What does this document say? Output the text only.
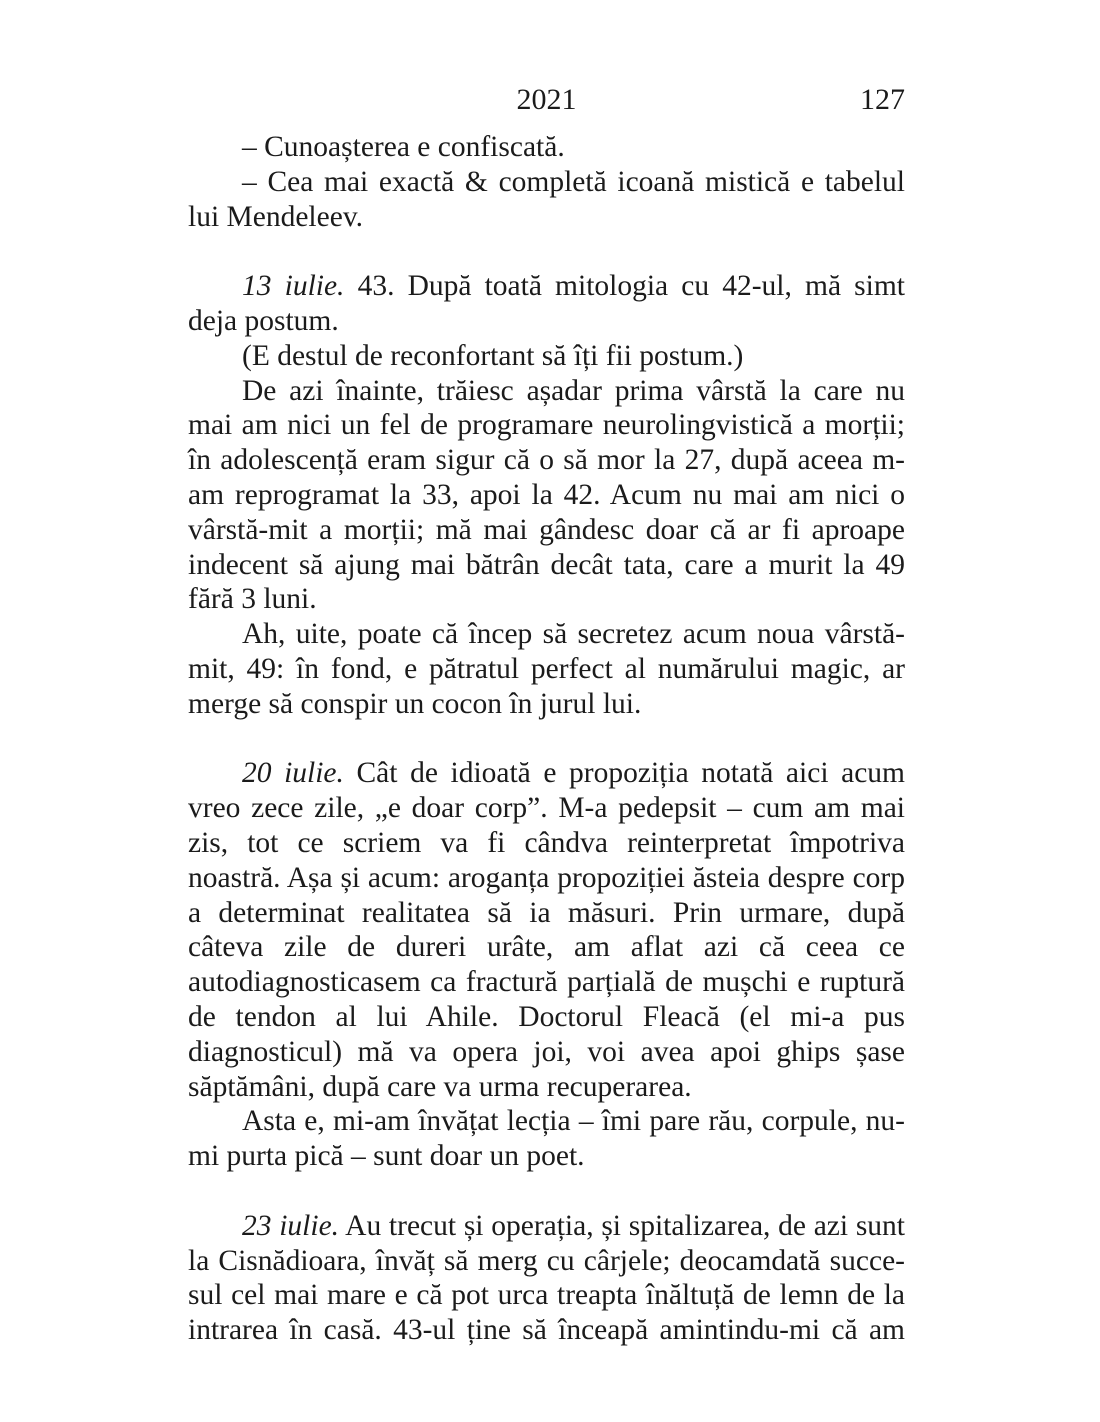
2021	127

– Cunoașterea e confiscată.

– Cea mai exactă & completă icoană mistică e tabelul lui Mendeleev.

13 iulie. 43. După toată mitologia cu 42-ul, mă simt deja postum.

(E destul de reconfortant să îți fii postum.)

De azi înainte, trăiesc așadar prima vârstă la care nu mai am nici un fel de programare neurolingvistică a morții; în adolescență eram sigur că o să mor la 27, după aceea m-am reprogramat la 33, apoi la 42. Acum nu mai am nici o vârstă-mit a morții; mă mai gândesc doar că ar fi aproape indecent să ajung mai bătrân decât tata, care a murit la 49 fără 3 luni.

Ah, uite, poate că încep să secretez acum noua vârstă-mit, 49: în fond, e pătratul perfect al numărului magic, ar merge să conspir un cocon în jurul lui.

20 iulie. Cât de idioată e propoziția notată aici acum vreo zece zile, „e doar corp”. M-a pedepsit – cum am mai zis, tot ce scriem va fi cândva reinterpretat împotriva noastră. Așa și acum: aroganța propoziției ăsteia despre corp a determinat realitatea să ia măsuri. Prin urmare, după câteva zile de dureri urâte, am aflat azi că ceea ce autodiagnosticasem ca fractură parțială de mușchi e ruptură de tendon al lui Ahile. Doctorul Fleacă (el mi-a pus diagnosticul) mă va opera joi, voi avea apoi ghips șase săptămâni, după care va urma recuperarea.

Asta e, mi-am învățat lecția – îmi pare rău, corpule, nu-mi purta pică – sunt doar un poet.

23 iulie. Au trecut și operația, și spitalizarea, de azi sunt la Cisnădioara, învăț să merg cu cârjele; deocamdată succesul cel mai mare e că pot urca treapta înăltuță de lemn de la intrarea în casă. 43-ul ține să înceapă amintindu-mi că am
